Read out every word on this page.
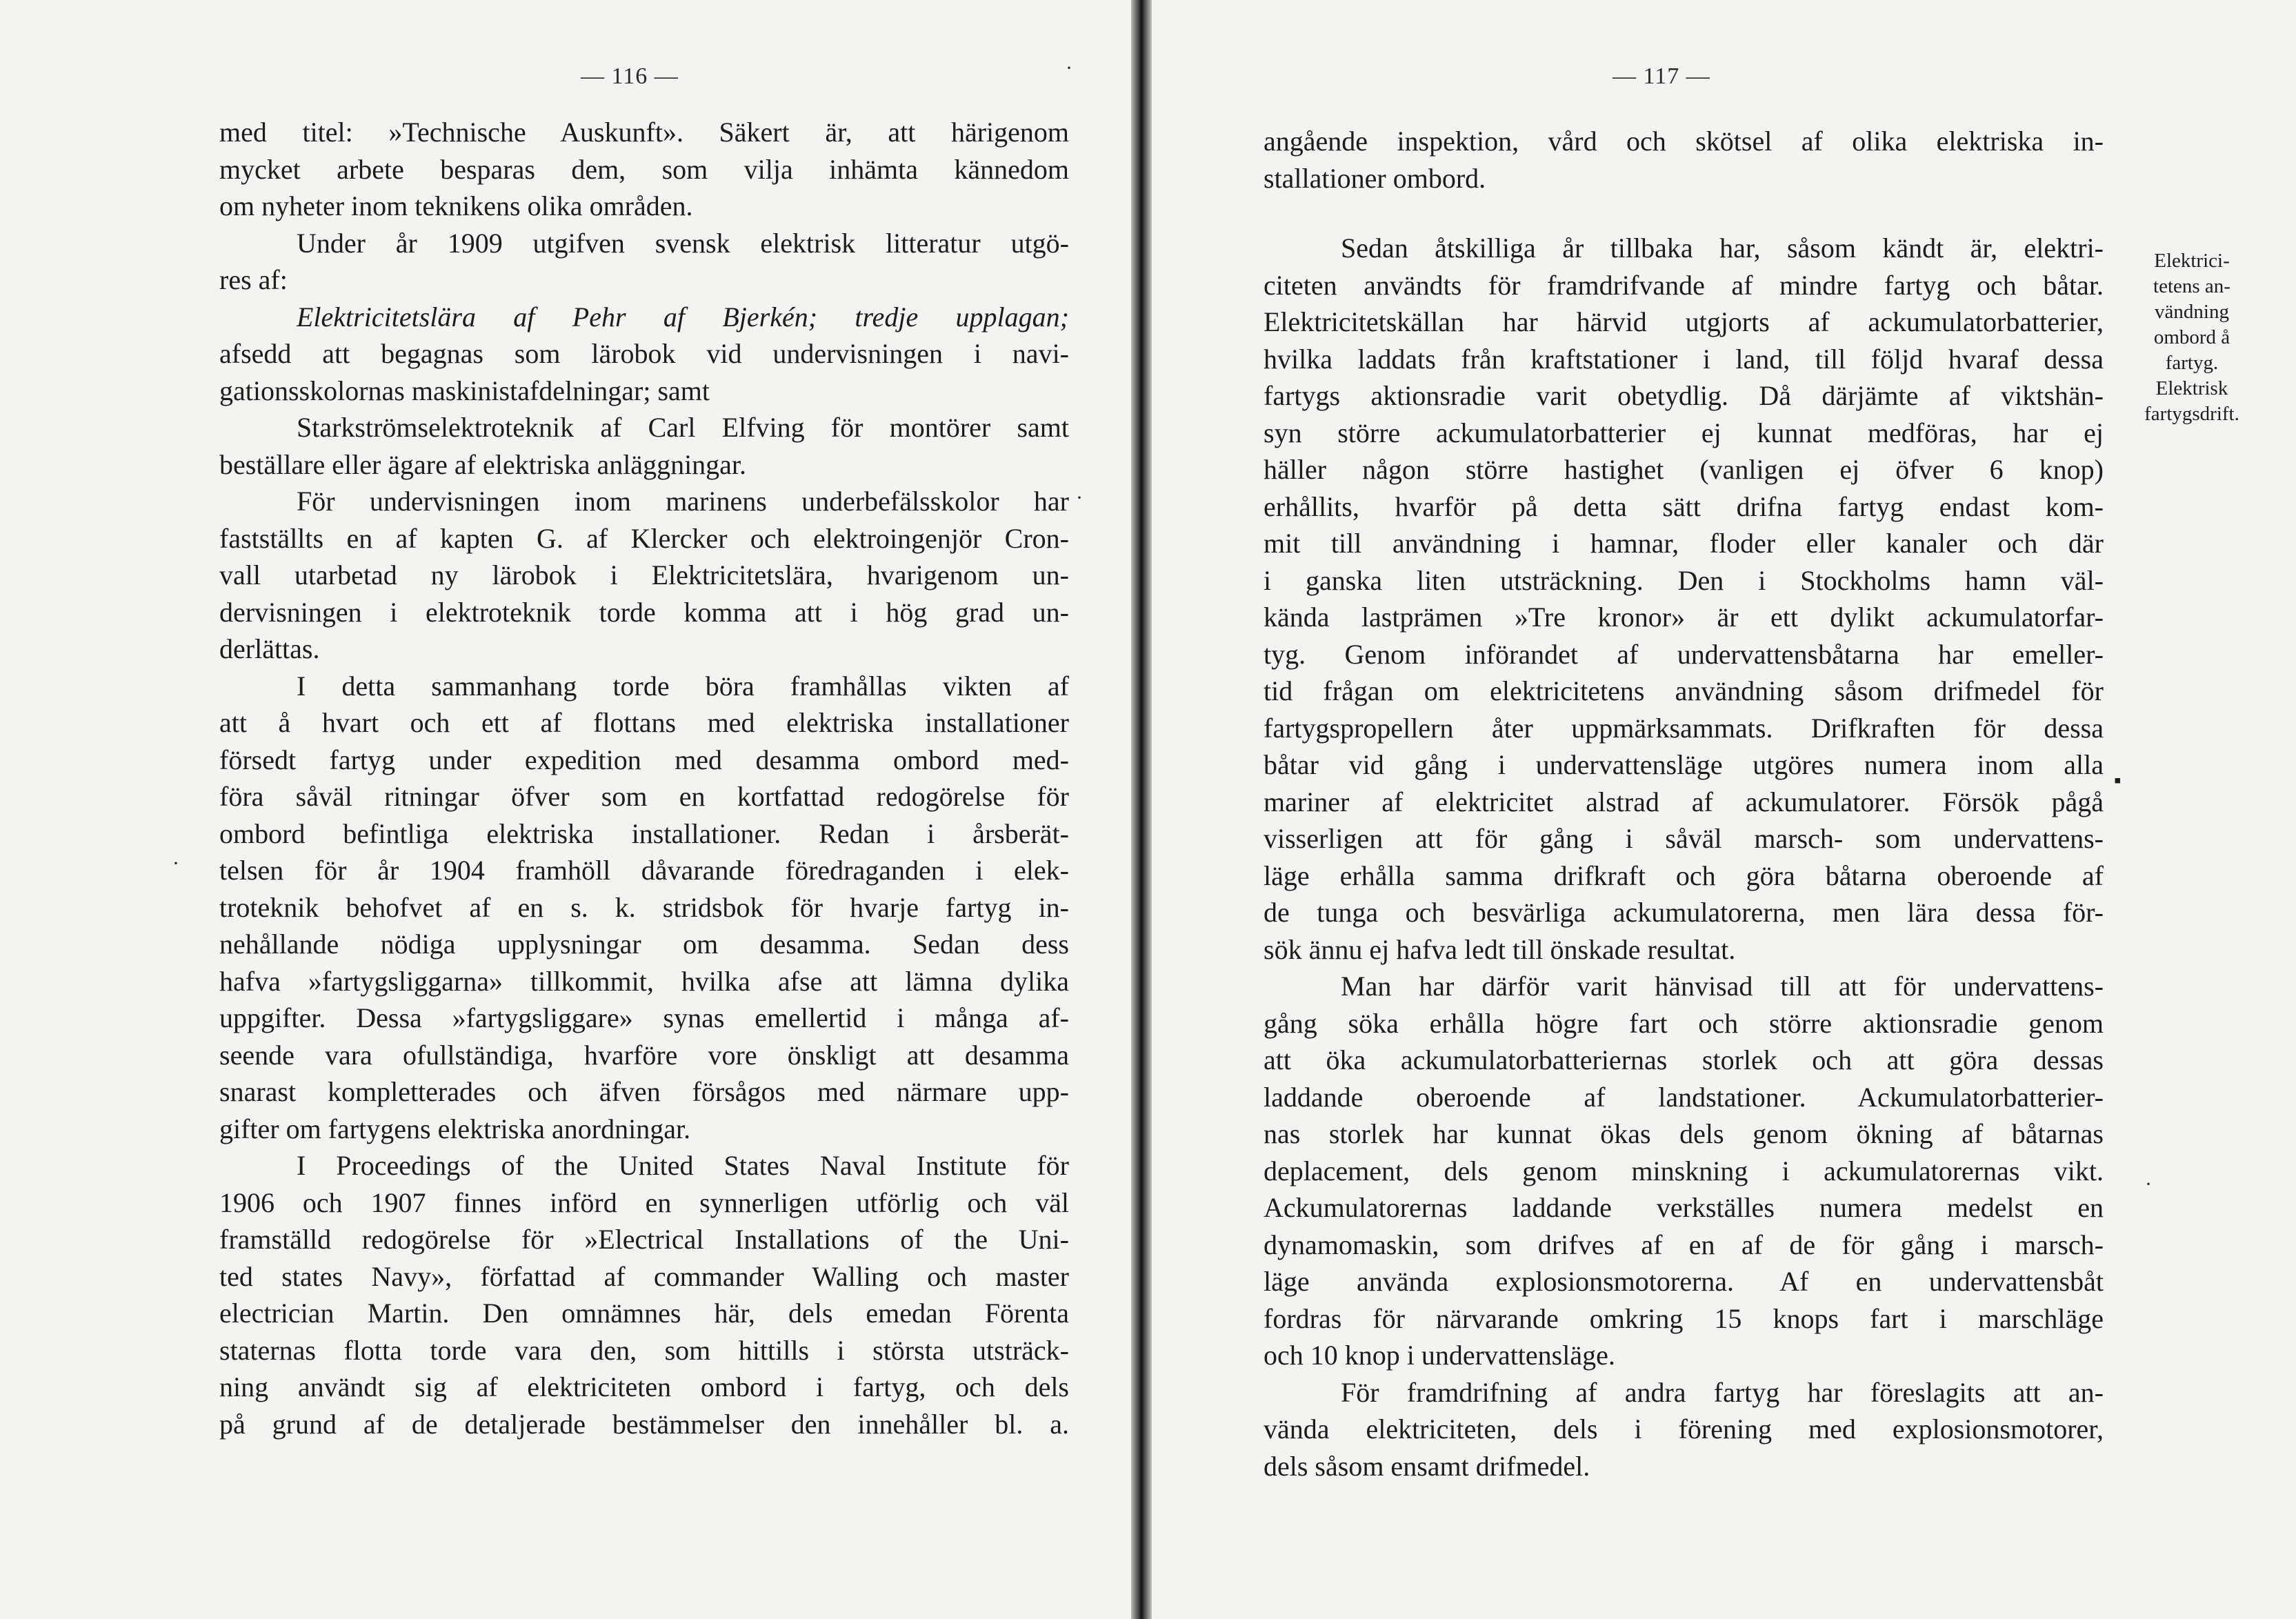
— 116 —
med titel: »Technische Auskunft». Säkert är, att härigenom
mycket arbete besparas dem, som vilja inhämta kännedom
om nyheter inom teknikens olika områden.
Under år 1909 utgifven svensk elektrisk litteratur utgö-
res af:
Elektricitetslära af Pehr af Bjerkén; tredje upplagan;
afsedd att begagnas som lärobok vid undervisningen i navi-
gationsskolornas maskinistafdelningar; samt
Starkströmselektroteknik af Carl Elfving för montörer samt
beställare eller ägare af elektriska anläggningar.
För undervisningen inom marinens underbefälsskolor har
fastställts en af kapten G. af Klercker och elektroingenjör Cron-
vall utarbetad ny lärobok i Elektricitetslära, hvarigenom un-
dervisningen i elektroteknik torde komma att i hög grad un-
derlättas.
I detta sammanhang torde böra framhållas vikten af
att å hvart och ett af flottans med elektriska installationer
försedt fartyg under expedition med desamma ombord med-
föra såväl ritningar öfver som en kortfattad redogörelse för
ombord befintliga elektriska installationer. Redan i årsberät-
telsen för år 1904 framhöll dåvarande föredraganden i elek-
troteknik behofvet af en s. k. stridsbok för hvarje fartyg in-
nehållande nödiga upplysningar om desamma. Sedan dess
hafva »fartygsliggarna» tillkommit, hvilka afse att lämna dylika
uppgifter. Dessa »fartygsliggare» synas emellertid i många af-
seende vara ofullständiga, hvarföre vore önskligt att desamma
snarast kompletterades och äfven försågos med närmare upp-
gifter om fartygens elektriska anordningar.
I Proceedings of the United States Naval Institute för
1906 och 1907 finnes införd en synnerligen utförlig och väl
framställd redogörelse för »Electrical Installations of the Uni-
ted states Navy», författad af commander Walling och master
electrician Martin. Den omnämnes här, dels emedan Förenta
staternas flotta torde vara den, som hittills i största utsträck-
ning användt sig af elektriciteten ombord i fartyg, och dels
på grund af de detaljerade bestämmelser den innehåller bl. a.
·
·
·
— 117 —
angående inspektion, vård och skötsel af olika elektriska in-
stallationer ombord.
Sedan åtskilliga år tillbaka har, såsom kändt är, elektri-
citeten användts för framdrifvande af mindre fartyg och båtar.
Elektricitetskällan har härvid utgjorts af ackumulatorbatterier,
hvilka laddats från kraftstationer i land, till följd hvaraf dessa
fartygs aktionsradie varit obetydlig. Då därjämte af viktshän-
syn större ackumulatorbatterier ej kunnat medföras, har ej
häller någon större hastighet (vanligen ej öfver 6 knop)
erhållits, hvarför på detta sätt drifna fartyg endast kom-
mit till användning i hamnar, floder eller kanaler och där
i ganska liten utsträckning. Den i Stockholms hamn väl-
kända lastprämen »Tre kronor» är ett dylikt ackumulatorfar-
tyg. Genom införandet af undervattensbåtarna har emeller-
tid frågan om elektricitetens användning såsom drifmedel för
fartygspropellern åter uppmärksammats. Drifkraften för dessa
båtar vid gång i undervattensläge utgöres numera inom alla
mariner af elektricitet alstrad af ackumulatorer. Försök pågå
visserligen att för gång i såväl marsch- som undervattens-
läge erhålla samma drifkraft och göra båtarna oberoende af
de tunga och besvärliga ackumulatorerna, men lära dessa för-
sök ännu ej hafva ledt till önskade resultat.
Man har därför varit hänvisad till att för undervattens-
gång söka erhålla högre fart och större aktionsradie genom
att öka ackumulatorbatteriernas storlek och att göra dessas
laddande oberoende af landstationer. Ackumulatorbatterier-
nas storlek har kunnat ökas dels genom ökning af båtarnas
deplacement, dels genom minskning i ackumulatorernas vikt.
Ackumulatorernas laddande verkställes numera medelst en
dynamomaskin, som drifves af en af de för gång i marsch-
läge använda explosionsmotorerna. Af en undervattensbåt
fordras för närvarande omkring 15 knops fart i marschläge
och 10 knop i undervattensläge.
För framdrifning af andra fartyg har föreslagits att an-
vända elektriciteten, dels i förening med explosionsmotorer,
dels såsom ensamt drifmedel.
Elektrici-
tetens an-
vändning
ombord å
fartyg.
Elektrisk
fartygsdrift.
▪
·
